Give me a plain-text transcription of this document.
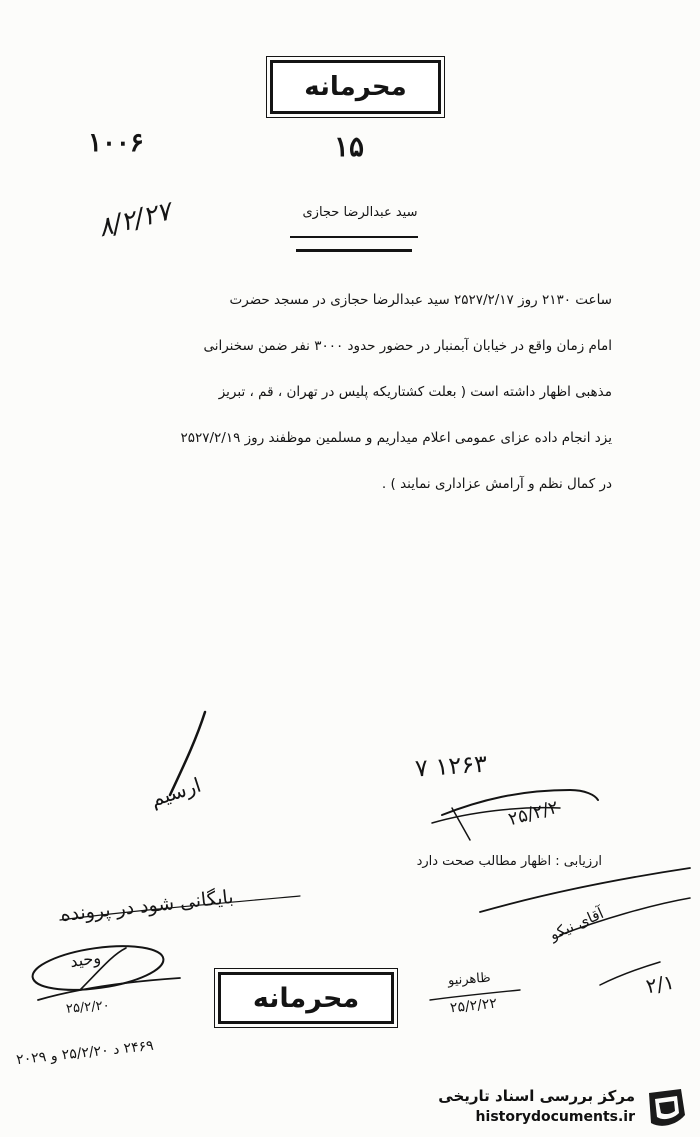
محرمانه
۱۰۰۶	۱۵
۸/۲/۲۷	سید عبدالرضا حجازی
ساعت ۲۱۳۰ روز ۲۵۲۷/۲/۱۷ سید عبدالرضا حجازی در مسجد حضرت
امام زمان واقع در خیابان آبمنبار در حضور حدود ۳۰۰۰ نفر ضمن سخنرانی
مذهبی اظهار داشته است ( بعلت کشتاریکه پلیس در تهران ، قم ، تبریز
یزد انجام داده عزای عمومی اعلام میداریم و مسلمین موظفند روز ۲۵۲۷/۲/۱۹
در کمال نظم و آرامش عزاداری نمایند ) .
ارسیم
۷ ۱۲۶۳
۲۵/۲/۲
ارزیابی : اظهار مطالب صحت دارد
بایگانی شود در پرونده	آقای نیکو
۲/۱
وحید
۲۵/۲/۲۰	محرمانه
ظاهرنیو
۲۵/۲/۲۲
۲۴۶۹ د ۲۵/۲/۲۰ و ۲۰۲۹
مرکز بررسی اسناد تاریخی
historydocuments.ir
